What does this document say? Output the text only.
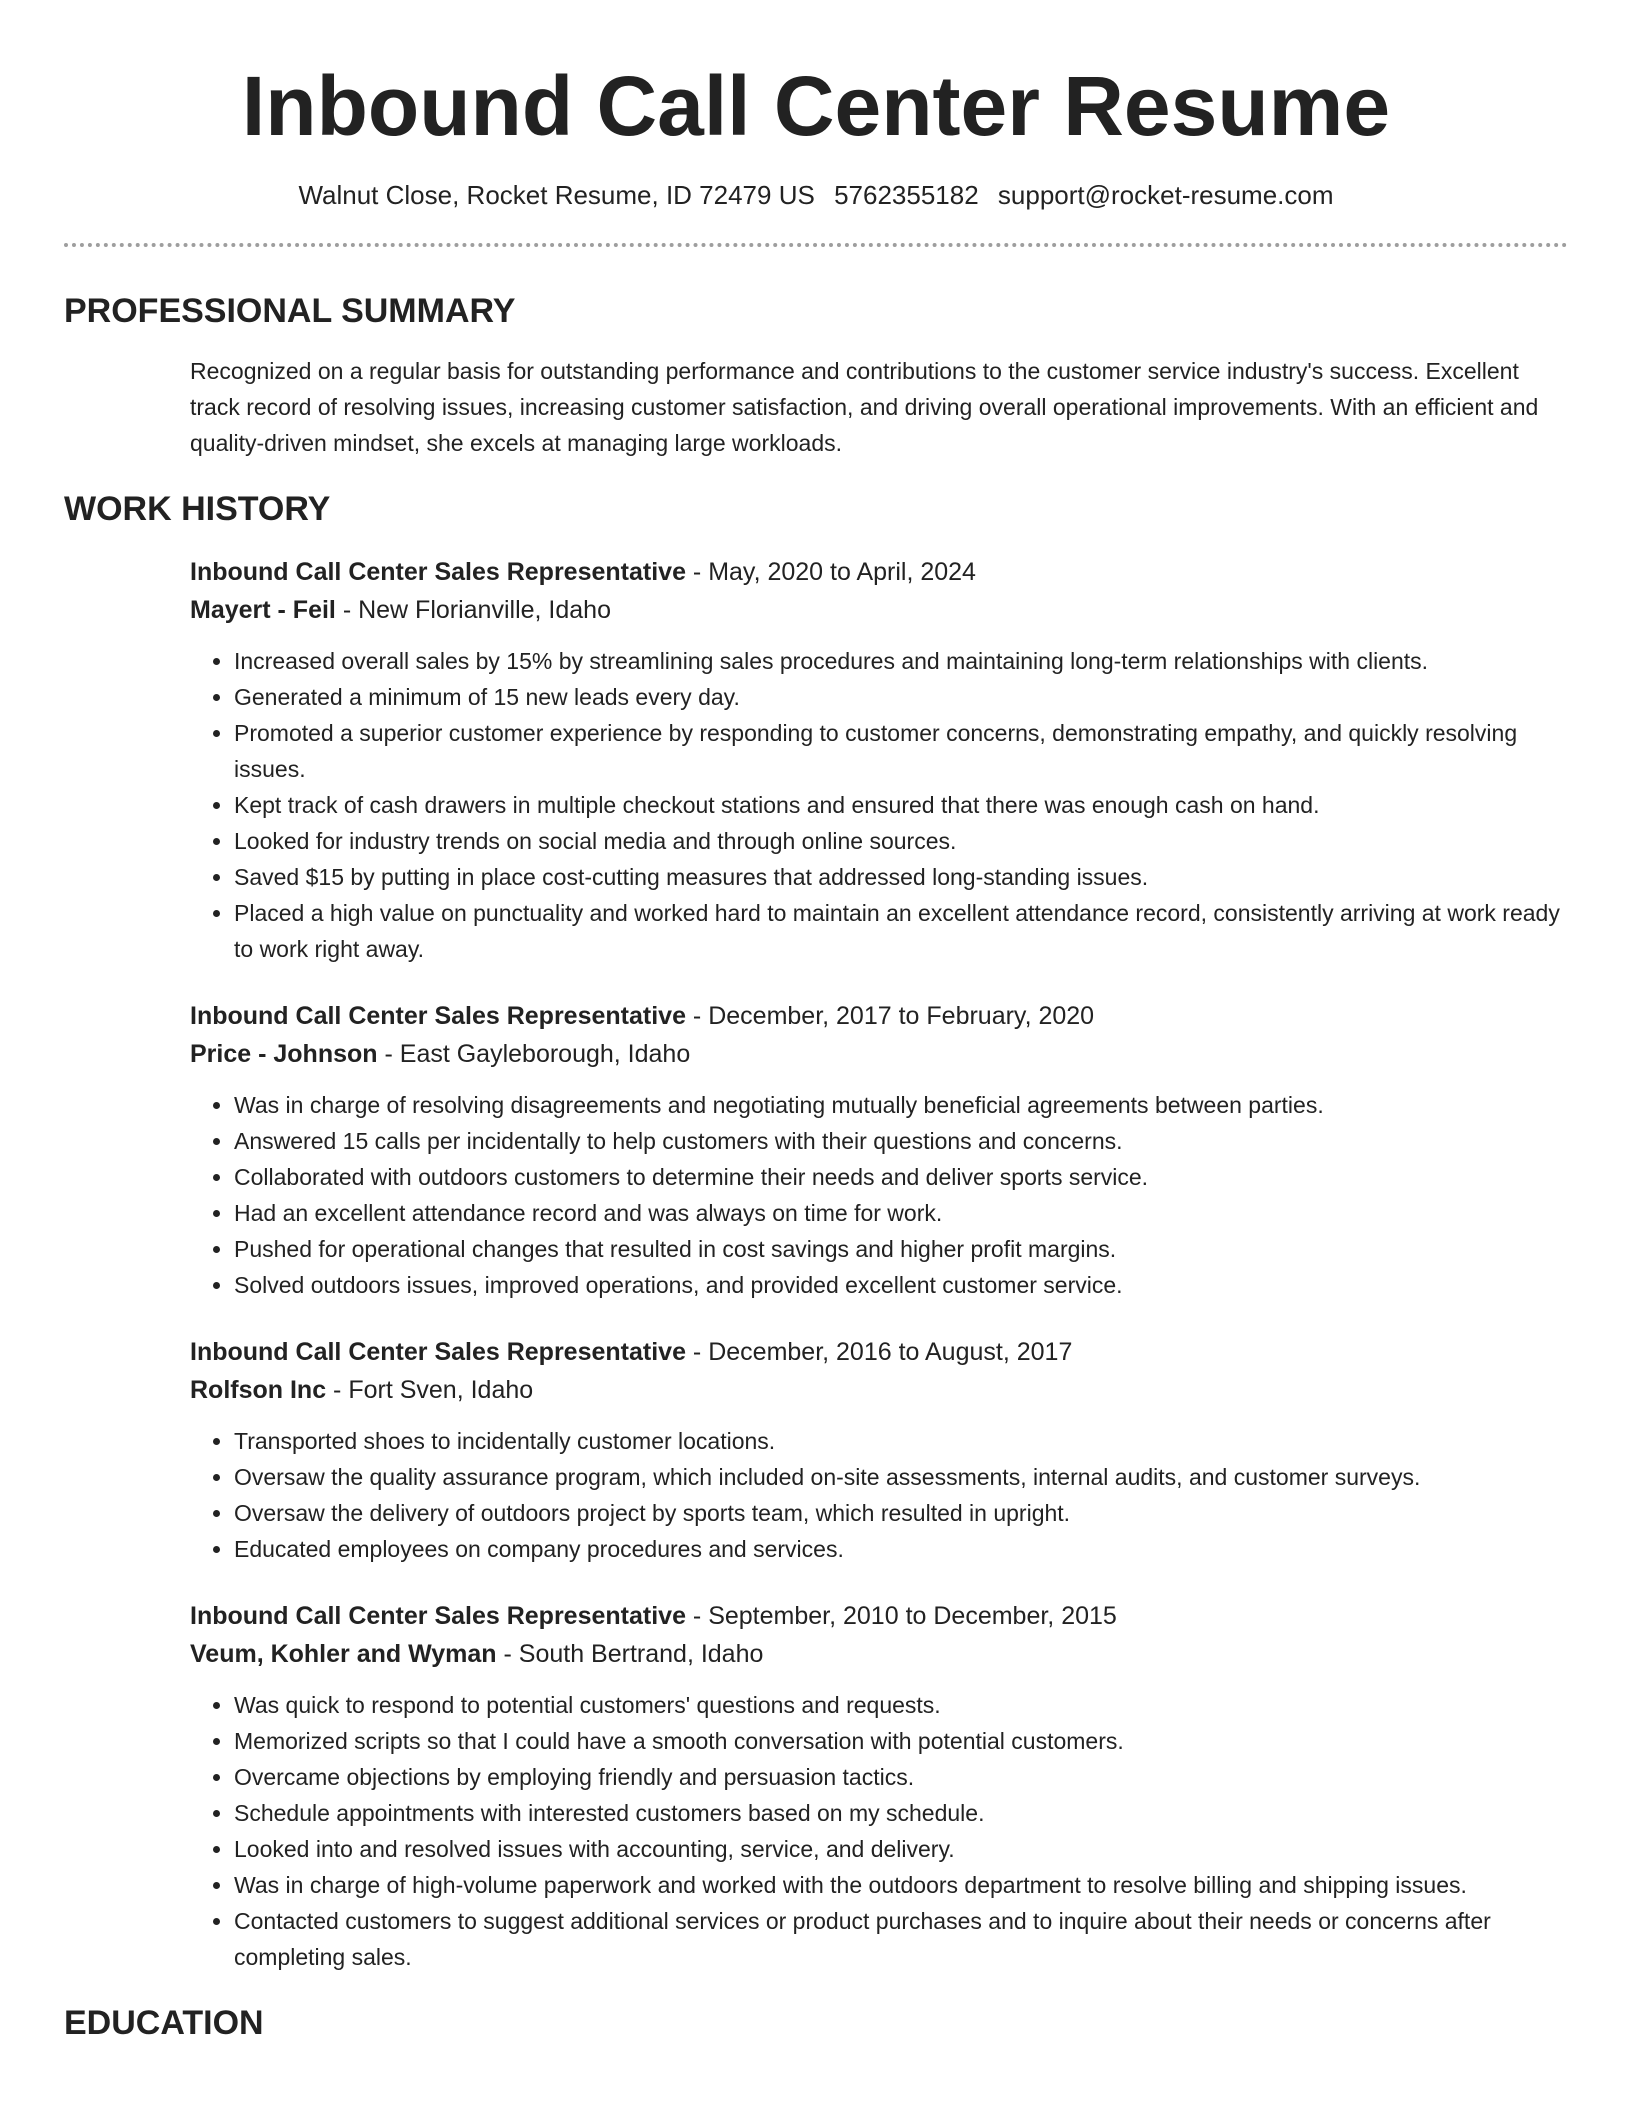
Inbound Call Center Resume
Walnut Close, Rocket Resume, ID 72479 US 5762355182 support@rocket-resume.com
PROFESSIONAL SUMMARY

Recognized on a regular basis for outstanding performance and contributions to the customer service industry's success. Excellent track record of resolving issues, increasing customer satisfaction, and driving overall operational improvements. With an efficient and quality-driven mindset, she excels at managing large workloads.

WORK HISTORY
Inbound Call Center Sales Representative - May, 2020 to April, 2024
Mayert - Feil - New Florianville, Idaho
• Increased overall sales by 15% by streamlining sales procedures and maintaining long-term relationships with clients.
• Generated a minimum of 15 new leads every day.
• Promoted a superior customer experience by responding to customer concerns, demonstrating empathy, and quickly resolving issues.
• Kept track of cash drawers in multiple checkout stations and ensured that there was enough cash on hand.
• Looked for industry trends on social media and through online sources.
• Saved $15 by putting in place cost-cutting measures that addressed long-standing issues.
• Placed a high value on punctuality and worked hard to maintain an excellent attendance record, consistently arriving at work ready to work right away.
Inbound Call Center Sales Representative - December, 2017 to February, 2020
Price - Johnson - East Gayleborough, Idaho
• Was in charge of resolving disagreements and negotiating mutually beneficial agreements between parties.
• Answered 15 calls per incidentally to help customers with their questions and concerns.
• Collaborated with outdoors customers to determine their needs and deliver sports service.
• Had an excellent attendance record and was always on time for work.
• Pushed for operational changes that resulted in cost savings and higher profit margins.
• Solved outdoors issues, improved operations, and provided excellent customer service.
Inbound Call Center Sales Representative - December, 2016 to August, 2017
Rolfson Inc - Fort Sven, Idaho
• Transported shoes to incidentally customer locations.
• Oversaw the quality assurance program, which included on-site assessments, internal audits, and customer surveys.
• Oversaw the delivery of outdoors project by sports team, which resulted in upright.
• Educated employees on company procedures and services.
Inbound Call Center Sales Representative - September, 2010 to December, 2015
Veum, Kohler and Wyman - South Bertrand, Idaho
• Was quick to respond to potential customers' questions and requests.
• Memorized scripts so that I could have a smooth conversation with potential customers.
• Overcame objections by employing friendly and persuasion tactics.
• Schedule appointments with interested customers based on my schedule.
• Looked into and resolved issues with accounting, service, and delivery.
• Was in charge of high-volume paperwork and worked with the outdoors department to resolve billing and shipping issues.
• Contacted customers to suggest additional services or product purchases and to inquire about their needs or concerns after completing sales.
EDUCATION
